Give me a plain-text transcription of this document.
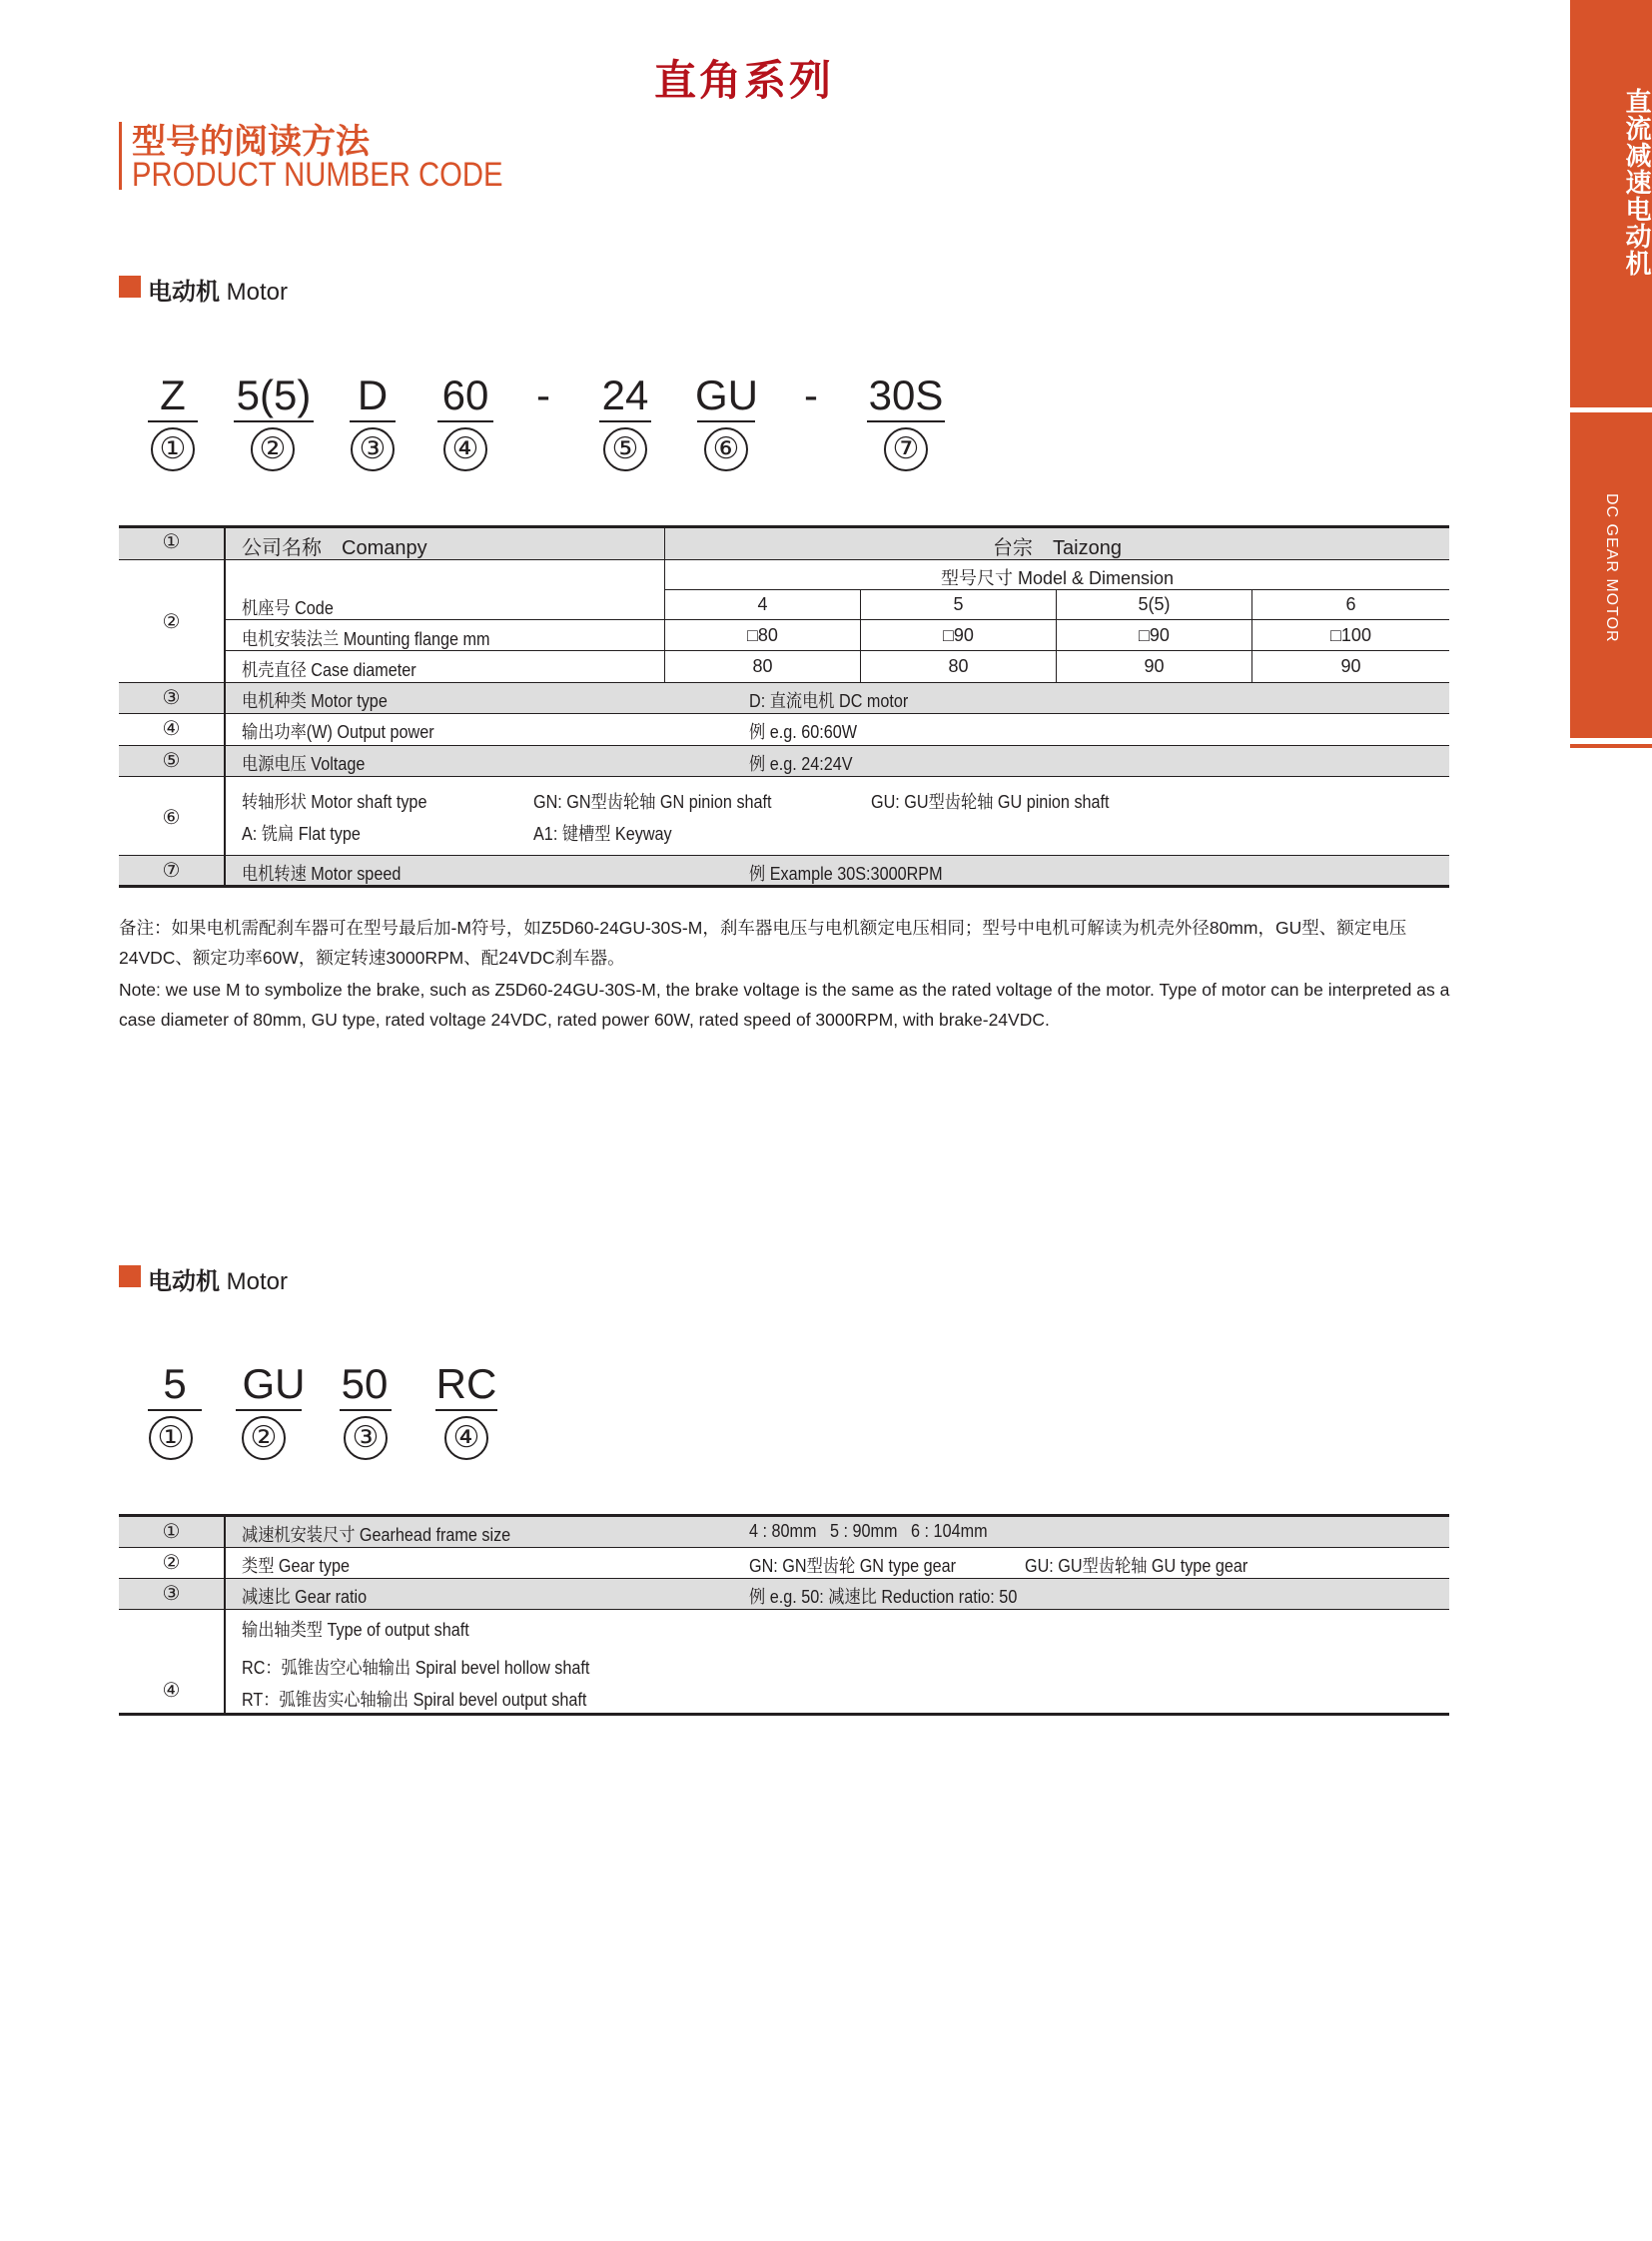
直流减速电动机
DC GEAR MOTOR
直角系列
型号的阅读方法
PRODUCT NUMBER CODE
电动机 Motor
Z 5(5) D 60 - 24 GU - 30S
① ② ③ ④	⑤ ⑥	⑦
①	公司名称　Comanpy	台宗　Taizong
②
型号尺寸 Model & Dimension
机座号 Code	4	5	5(5)	6
电机安装法兰 Mounting flange mm	□80	□90	□90	□100
机壳直径 Case diameter	80	80	90	90
③	电机种类 Motor type	D: 直流电机 DC motor
④	输出功率(W) Output power	例 e.g. 60:60W
⑤	电源电压 Voltage	例 e.g. 24:24V
⑥
转轴形状 Motor shaft type	GN: GN型齿轮轴 GN pinion shaft	GU: GU型齿轮轴 GU pinion shaft
A: 铣扁 Flat type	A1: 键槽型 Keyway
⑦	电机转速 Motor speed	例 Example 30S:3000RPM
备注：如果电机需配刹车器可在型号最后加-M符号，如Z5D60-24GU-30S-M，刹车器电压与电机额定电压相同；型号中电机可解读为机壳外径80mm，GU型、额定电压24VDC、额定功率60W，额定转速3000RPM、配24VDC刹车器。
Note: we use M to symbolize the brake, such as Z5D60-24GU-30S-M, the brake voltage is the same as the rated voltage of the motor. Type of motor can be interpreted as a case diameter of 80mm, GU type, rated voltage 24VDC, rated power 60W, rated speed of 3000RPM, with brake-24VDC.
电动机 Motor
5	GU 50 RC
① ②	③ ④
①	减速机安装尺寸 Gearhead frame size	4 : 80mm   5 : 90mm   6 : 104mm
②	类型 Gear type	GN: GN型齿轮 GN type gear	GU: GU型齿轮轴 GU type gear
③	减速比 Gear ratio	例 e.g. 50: 减速比 Reduction ratio: 50
④
输出轴类型 Type of output shaft
RC：弧锥齿空心轴输出 Spiral bevel hollow shaft
RT：弧锥齿实心轴输出 Spiral bevel output shaft
